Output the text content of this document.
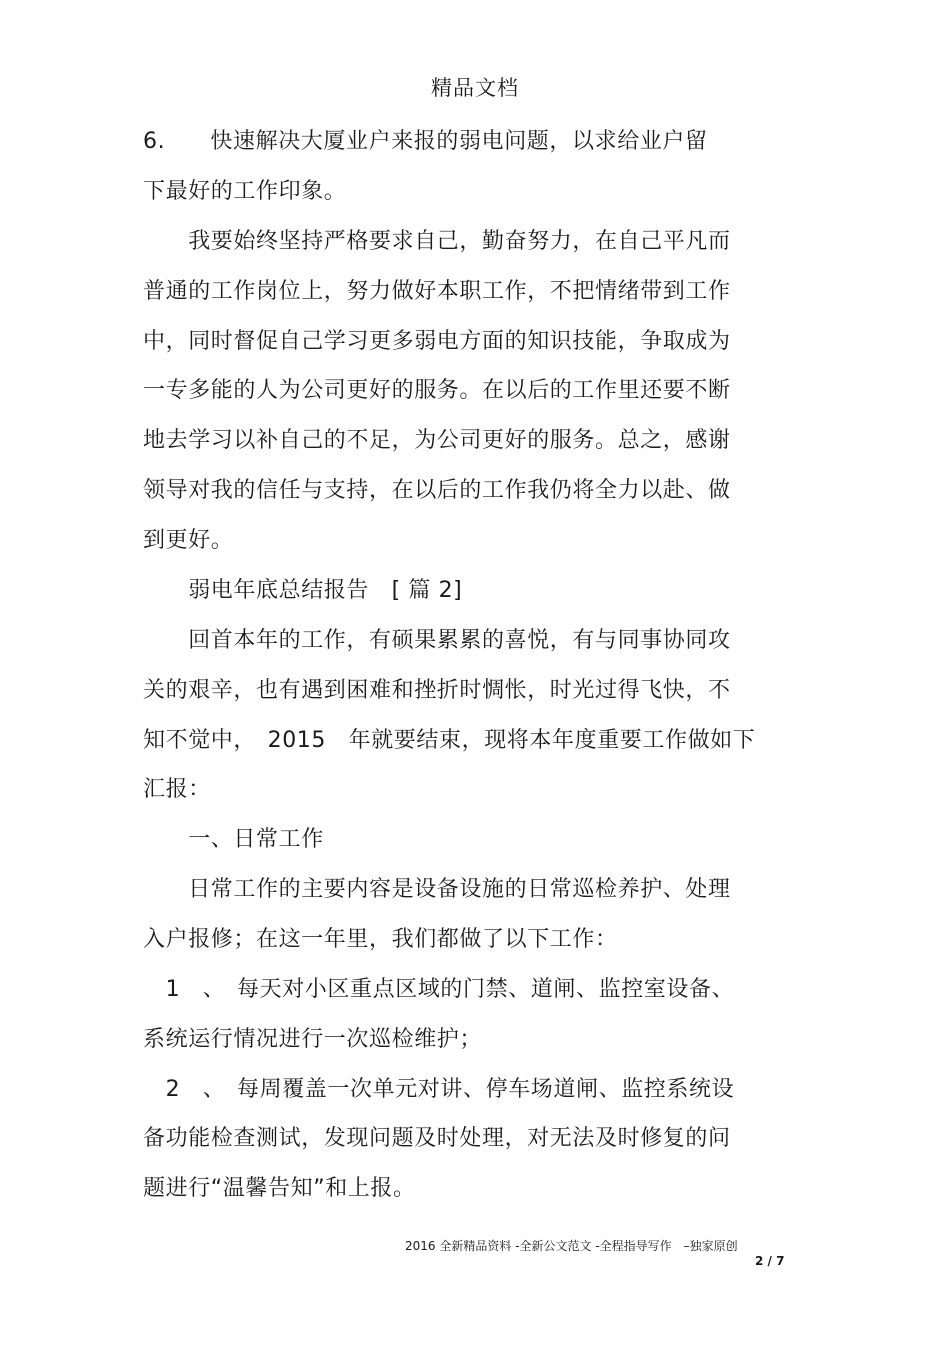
精品文档
6.　　快速解决大厦业户来报的弱电问题，以求给业户留
下最好的工作印象。
　　我要始终坚持严格要求自己，勤奋努力，在自己平凡而
普通的工作岗位上，努力做好本职工作，不把情绪带到工作
中，同时督促自己学习更多弱电方面的知识技能，争取成为
一专多能的人为公司更好的服务。在以后的工作里还要不断
地去学习以补自己的不足，为公司更好的服务。总之，感谢
领导对我的信任与支持，在以后的工作我仍将全力以赴、做
到更好。
　　弱电年底总结报告　[ 篇 2]
　　回首本年的工作，有硕果累累的喜悦，有与同事协同攻
关的艰辛，也有遇到困难和挫折时惆怅，时光过得飞快，不
知不觉中，　2015　年就要结束，现将本年度重要工作做如下
汇报：
　　一、日常工作
　　日常工作的主要内容是设备设施的日常巡检养护、处理
入户报修；在这一年里，我们都做了以下工作：
　1　、　每天对小区重点区域的门禁、道闸、监控室设备、
系统运行情况进行一次巡检维护；
　2　、　每周覆盖一次单元对讲、停车场道闸、监控系统设
备功能检查测试，发现问题及时处理，对无法及时修复的问
题进行“温馨告知”和上报。
2016 全新精品资料 -全新公文范文 -全程指导写作　–独家原创
2 / 7
